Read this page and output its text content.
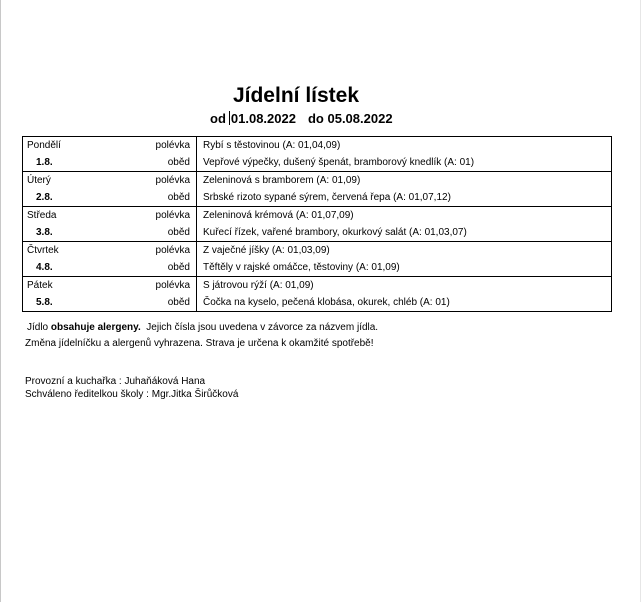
Jídelní lístek
od 01.08.2022 do 05.08.2022
Pondělí	polévka	Rybí s těstovinou (A: 01,04,09)
1.8.	oběd	Vepřové výpečky, dušený špenát, bramborový knedlík (A: 01)
Úterý	polévka	Zeleninová s bramborem (A: 01,09)
2.8.	oběd	Srbské rizoto sypané sýrem, červená řepa (A: 01,07,12)
Středa	polévka	Zeleninová krémová (A: 01,07,09)
3.8.	oběd	Kuřecí řízek, vařené brambory, okurkový salát (A: 01,03,07)
Čtvrtek	polévka	Z vaječné jíšky (A: 01,03,09)
4.8.	oběd	Těftěly v rajské omáčce, těstoviny (A: 01,09)
Pátek	polévka	S játrovou rýží (A: 01,09)
5.8.	oběd	Čočka na kyselo, pečená klobása, okurek, chléb (A: 01)
Jídlo obsahuje alergeny.  Jejich čísla jsou uvedena v závorce za názvem jídla.
Změna jídelníčku a alergenů vyhrazena. Strava je určena k okamžité spotřebě!
Provozní a kuchařka : Juhaňáková Hana
Schváleno ředitelkou školy : Mgr.Jitka Širůčková
